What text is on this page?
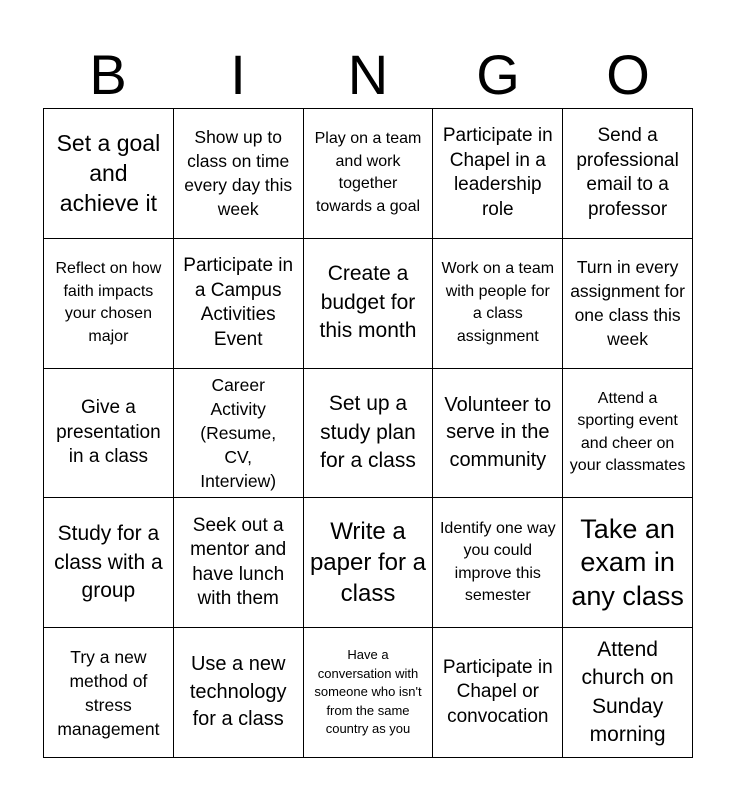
B	I	N	G	O
Set a goal and achieve it
Show up to class on time every day this week
Play on a team and work together towards a goal
Participate in Chapel in a leadership role
Send a professional email to a professor
Reflect on how faith impacts your chosen major
Participate in a Campus Activities Event
Create a budget for this month
Work on a team with people for a class assignment
Turn in every assignment for one class this week
Give a presentation in a class
Career Activity (Resume, CV, Interview)
Set up a study plan for a class
Volunteer to serve in the community
Attend a sporting event and cheer on your classmates
Study for a class with a group
Seek out a mentor and have lunch with them
Write a paper for a class
Identify one way you could improve this semester
Take an exam in any class
Try a new method of stress management
Use a new technology for a class
Have a conversation with someone who isn't from the same country as you
Participate in Chapel or convocation
Attend church on Sunday morning
